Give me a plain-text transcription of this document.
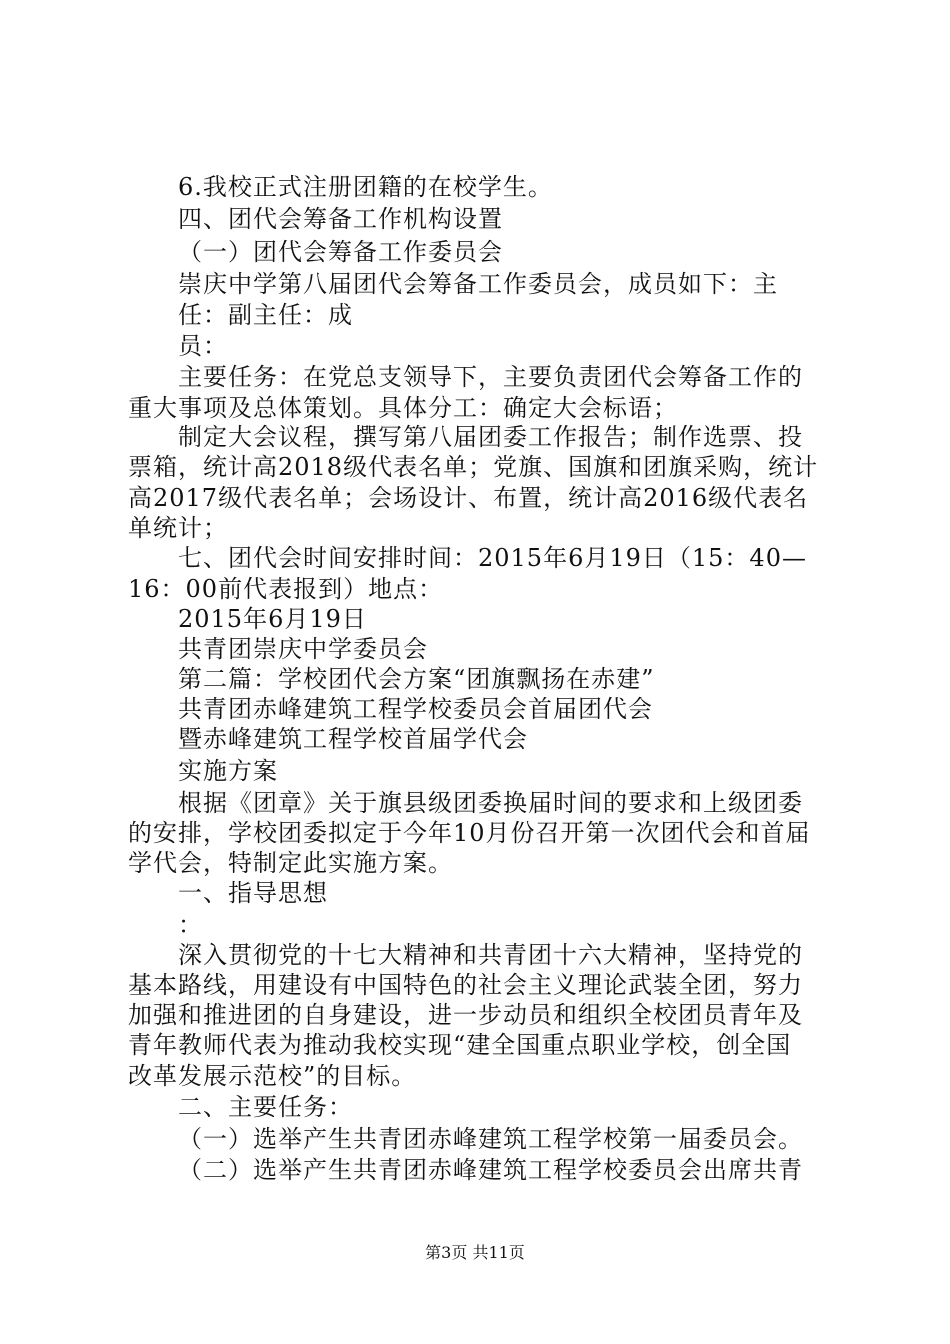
6.我校正式注册团籍的在校学生。
四、团代会筹备工作机构设置
（一）团代会筹备工作委员会
崇庆中学第八届团代会筹备工作委员会，成员如下：主
任：副主任：成
员：
主要任务：在党总支领导下，主要负责团代会筹备工作的
重大事项及总体策划。具体分工：确定大会标语；
制定大会议程，撰写第八届团委工作报告；制作选票、投
票箱，统计高2018级代表名单；党旗、国旗和团旗采购，统计
高2017级代表名单；会场设计、布置，统计高2016级代表名
单统计；
七、团代会时间安排时间：2015年6月19日（15：40—
16：00前代表报到）地点：
2015年6月19日
共青团崇庆中学委员会
第二篇：学校团代会方案“团旗飘扬在赤建”
共青团赤峰建筑工程学校委员会首届团代会
暨赤峰建筑工程学校首届学代会
实施方案
根据《团章》关于旗县级团委换届时间的要求和上级团委
的安排，学校团委拟定于今年10月份召开第一次团代会和首届
学代会，特制定此实施方案。
一、指导思想
：
深入贯彻党的十七大精神和共青团十六大精神，坚持党的
基本路线，用建设有中国特色的社会主义理论武装全团，努力
加强和推进团的自身建设，进一步动员和组织全校团员青年及
青年教师代表为推动我校实现“建全国重点职业学校，创全国
改革发展示范校”的目标。
二、主要任务：
（一）选举产生共青团赤峰建筑工程学校第一届委员会。
（二）选举产生共青团赤峰建筑工程学校委员会出席共青
第3页 共11页
